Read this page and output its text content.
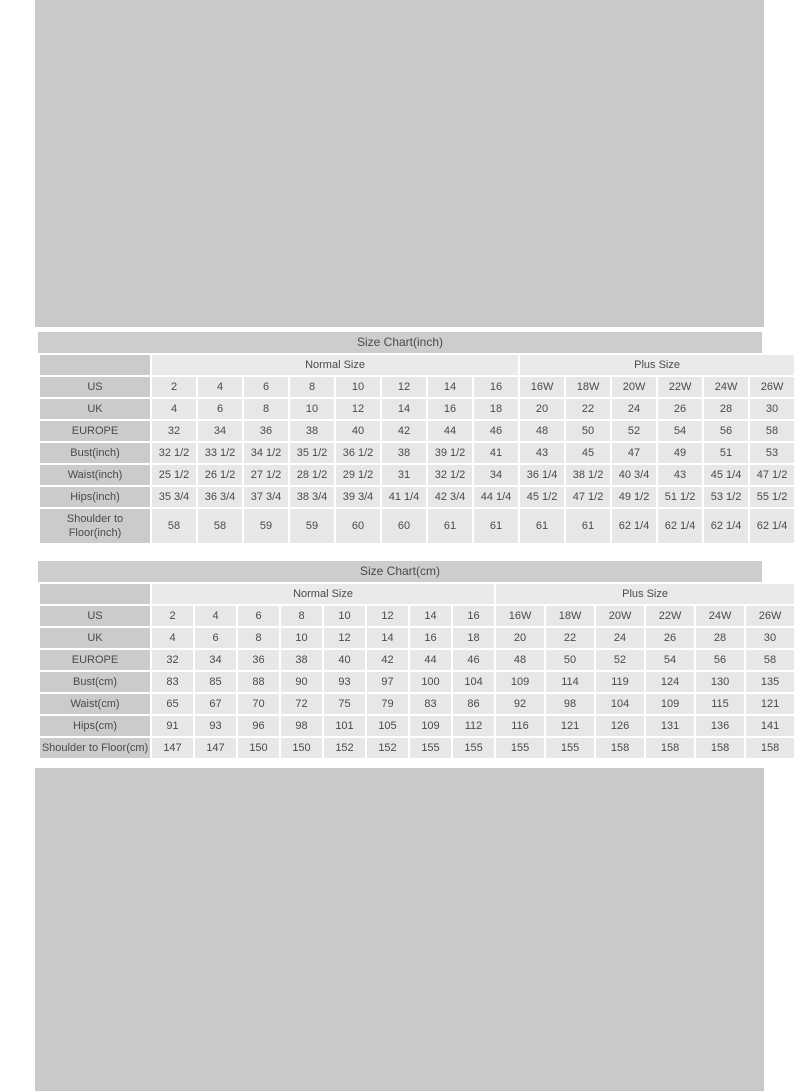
Size Chart(inch)
	Normal Size								Plus Size					
US	2	4	6	8	10	12	14	16	16W	18W	20W	22W	24W	26W
UK	4	6	8	10	12	14	16	18	20	22	24	26	28	30
EUROPE	32	34	36	38	40	42	44	46	48	50	52	54	56	58
Bust(inch)	32 1/2	33 1/2	34 1/2	35 1/2	36 1/2	38	39 1/2	41	43	45	47	49	51	53
Waist(inch)	25 1/2	26 1/2	27 1/2	28 1/2	29 1/2	31	32 1/2	34	36 1/4	38 1/2	40 3/4	43	45 1/4	47 1/2
Hips(inch)	35 3/4	36 3/4	37 3/4	38 3/4	39 3/4	41 1/4	42 3/4	44 1/4	45 1/2	47 1/2	49 1/2	51 1/2	53 1/2	55 1/2
Shoulder to Floor(inch)	58	58	59	59	60	60	61	61	61	61	62 1/4	62 1/4	62 1/4	62 1/4
Size Chart(cm)
	Normal Size								Plus Size					
US	2	4	6	8	10	12	14	16	16W	18W	20W	22W	24W	26W
UK	4	6	8	10	12	14	16	18	20	22	24	26	28	30
EUROPE	32	34	36	38	40	42	44	46	48	50	52	54	56	58
Bust(cm)	83	85	88	90	93	97	100	104	109	114	119	124	130	135
Waist(cm)	65	67	70	72	75	79	83	86	92	98	104	109	115	121
Hips(cm)	91	93	96	98	101	105	109	112	116	121	126	131	136	141
Shoulder to Floor(cm)	147	147	150	150	152	152	155	155	155	155	158	158	158	158
